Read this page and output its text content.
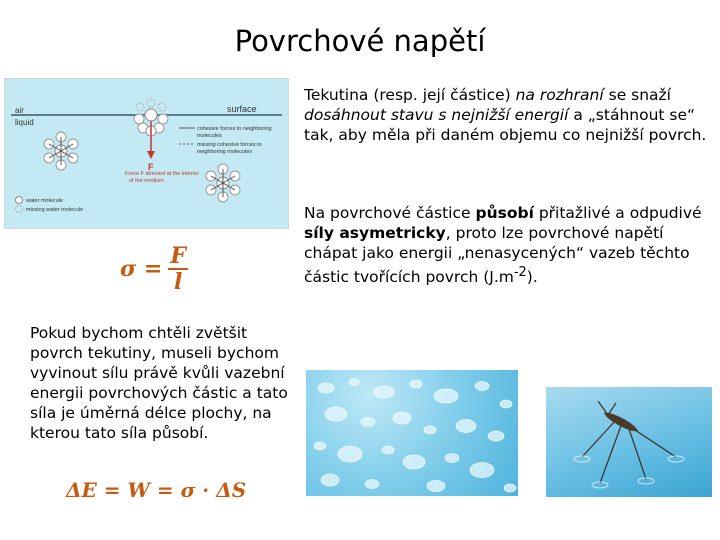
Povrchové napětí
air
liquid
surface
F
cohesive forces to neighboring
molecules
missing cohesive forces to
neighboring molecules
Force F directed at the interior
of the medium
water molecule
missing water molecule
Tekutina (resp. její částice) na rozhraní se snaží dosáhnout stavu s nejnižší energií a „stáhnout se“ tak, aby měla při daném objemu co nejnižší povrch.
Na povrchové částice působí přitažlivé a odpudivé síly asymetricky, proto lze povrchové napětí chápat jako energii „nenasycených“ vazeb těchto částic tvořících povrch $(J.m^{-2})$.
$\sigma = \frac{F}{l}$
Pokud bychom chtěli zvětšit povrch tekutiny, museli bychom vyvinout sílu právě kvůli vazební energii povrchových částic a tato síla je úměrná délce plochy, na kterou tato síla působí.
ΔE = W = σ · ΔS
